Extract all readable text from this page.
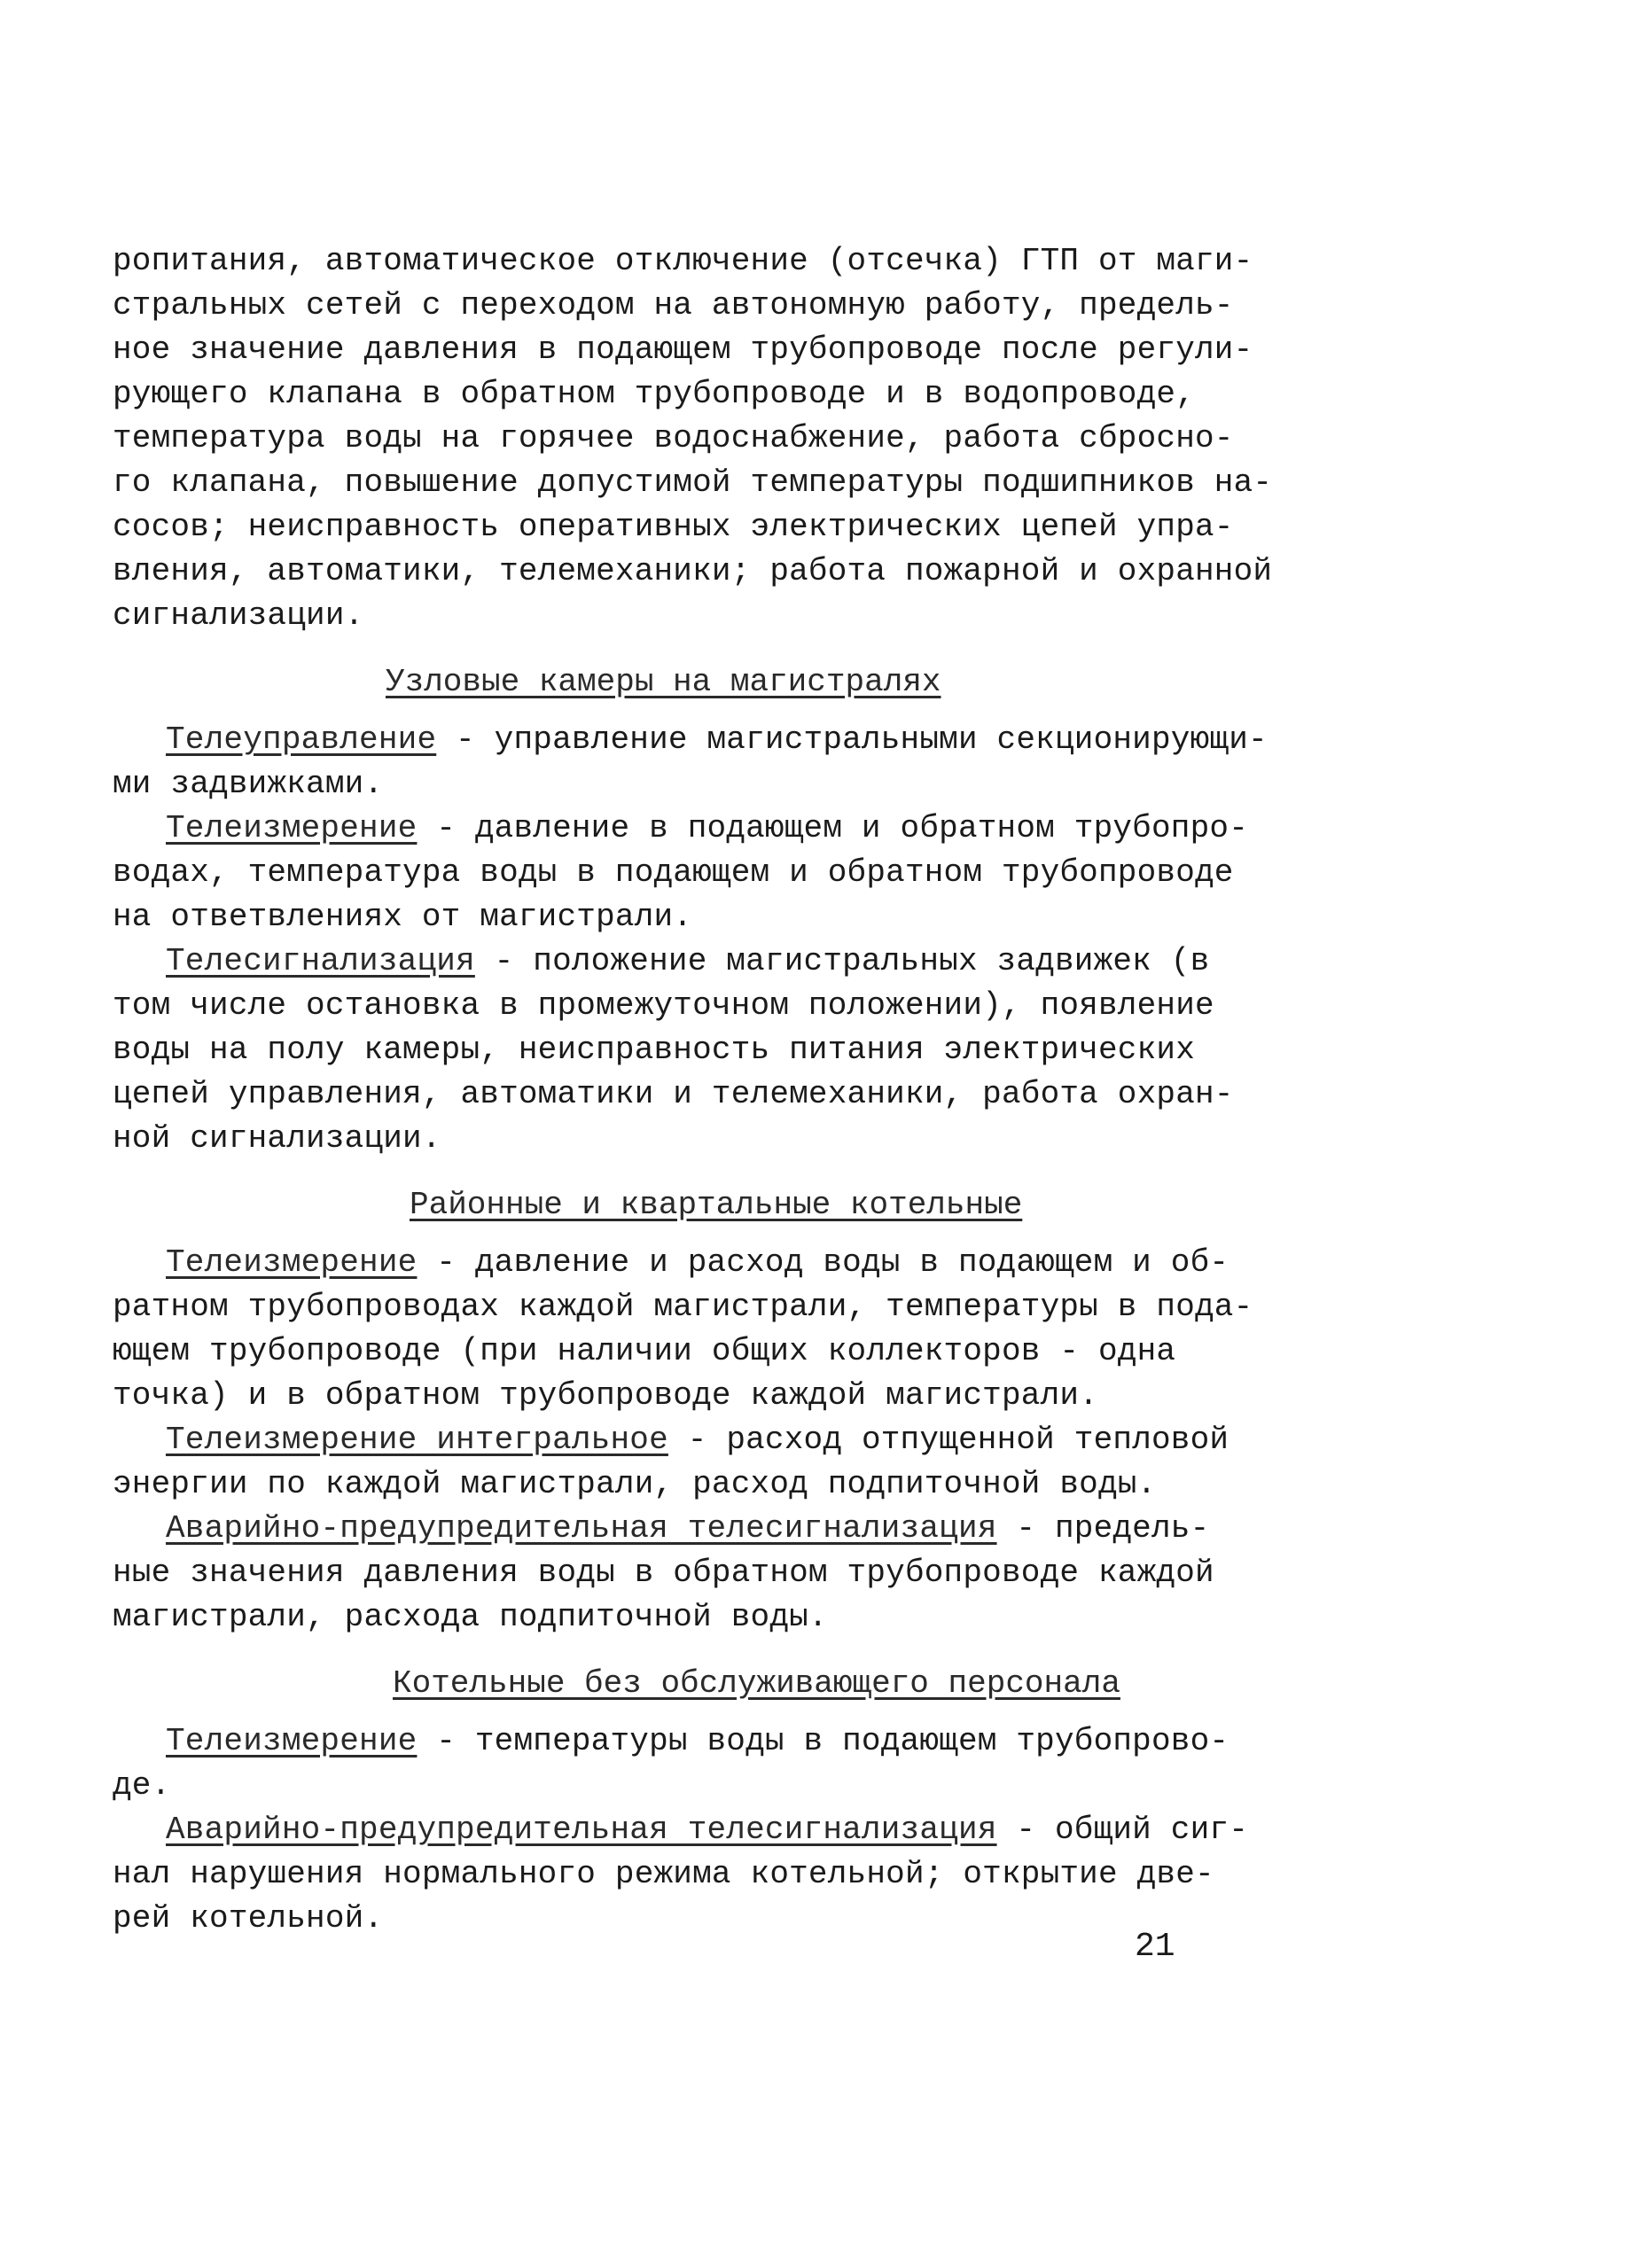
ропитания, автоматическое отключение (отсечка) ГТП от маги-
стральных сетей с переходом на автономную работу, предель-
ное значение давления в подающем трубопроводе после регули-
рующего клапана в обратном трубопроводе и в водопроводе,
температура воды на горячее водоснабжение, работа сбросно-
го клапана, повышение допустимой температуры подшипников на-
сосов; неисправность оперативных электрических цепей упра-
вления, автоматики, телемеханики; работа пожарной и охранной
сигнализации.
Узловые камеры на магистралях
Телеуправление - управление магистральными секционирующи-
ми задвижками.
Телеизмерение - давление в подающем и обратном трубопро-
водах, температура воды в подающем и обратном трубопроводе
на ответвлениях от магистрали.
Телесигнализация - положение магистральных задвижек (в
том числе остановка в промежуточном положении), появление
воды на полу камеры, неисправность питания электрических
цепей управления, автоматики и телемеханики, работа охран-
ной сигнализации.
Районные и квартальные котельные
Телеизмерение - давление и расход воды в подающем и об-
ратном трубопроводах каждой магистрали, температуры в пода-
ющем трубопроводе (при наличии общих коллекторов - одна
точка) и в обратном трубопроводе каждой магистрали.
Телеизмерение интегральное - расход отпущенной тепловой
энергии по каждой магистрали, расход подпиточной воды.
Аварийно-предупредительная телесигнализация - предель-
ные значения давления воды в обратном трубопроводе каждой
магистрали, расхода подпиточной воды.
Котельные без обслуживающего персонала
Телеизмерение - температуры воды в подающем трубопрово-
де.
Аварийно-предупредительная телесигнализация - общий сиг-
нал нарушения нормального режима котельной; открытие две-
рей котельной.
21
